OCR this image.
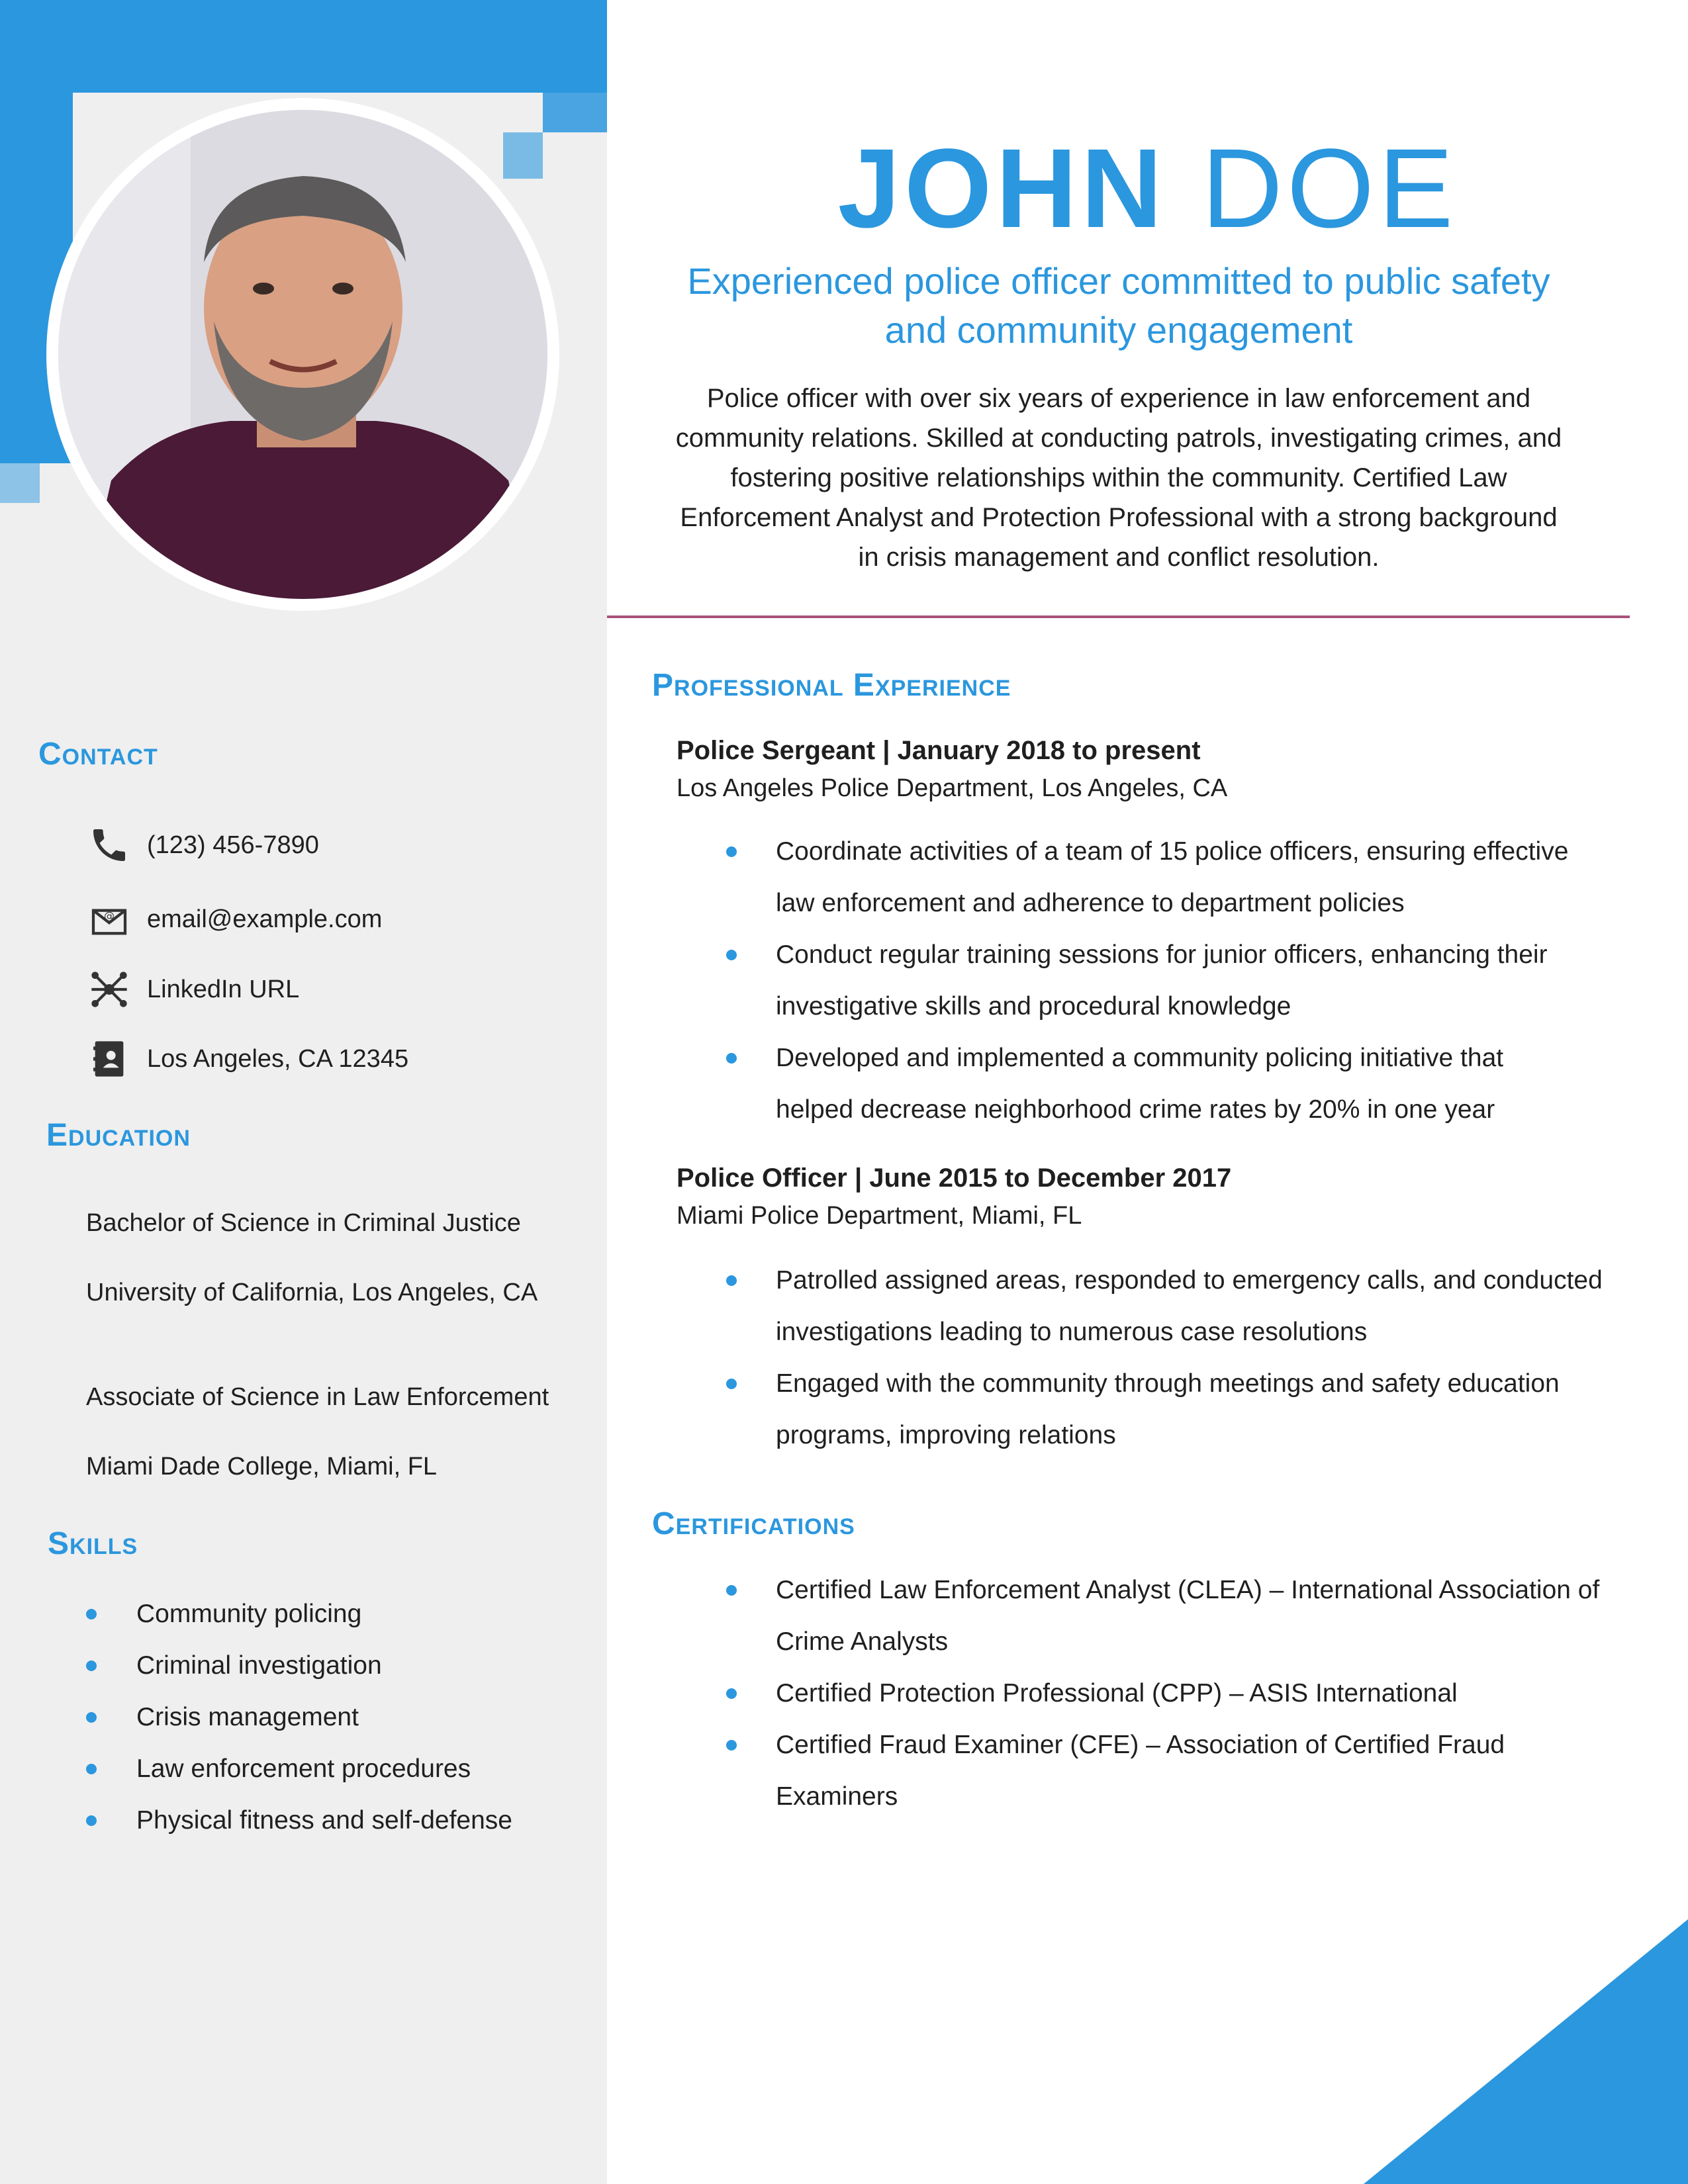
JOHN DOE
Experienced police officer committed to public safety
and community engagement
Police officer with over six years of experience in law enforcement and
community relations. Skilled at conducting patrols, investigating crimes, and
fostering positive relationships within the community. Certified Law
Enforcement Analyst and Protection Professional with a strong background
in crisis management and conflict resolution.
Contact
(123) 456-7890
@ email@example.com
LinkedIn URL
Los Angeles, CA 12345
Education
Bachelor of Science in Criminal Justice
University of California, Los Angeles, CA
Associate of Science in Law Enforcement
Miami Dade College, Miami, FL
Skills
Community policing
Criminal investigation
Crisis management
Law enforcement procedures
Physical fitness and self-defense
Professional Experience
Police Sergeant | January 2018 to present
Los Angeles Police Department, Los Angeles, CA
Coordinate activities of a team of 15 police officers, ensuring effective
law enforcement and adherence to department policies
Conduct regular training sessions for junior officers, enhancing their
investigative skills and procedural knowledge
Developed and implemented a community policing initiative that
helped decrease neighborhood crime rates by 20% in one year
Police Officer | June 2015 to December 2017
Miami Police Department, Miami, FL
Patrolled assigned areas, responded to emergency calls, and conducted
investigations leading to numerous case resolutions
Engaged with the community through meetings and safety education
programs, improving relations
Certifications
Certified Law Enforcement Analyst (CLEA) – International Association of
Crime Analysts
Certified Protection Professional (CPP) – ASIS International
Certified Fraud Examiner (CFE) – Association of Certified Fraud
Examiners
